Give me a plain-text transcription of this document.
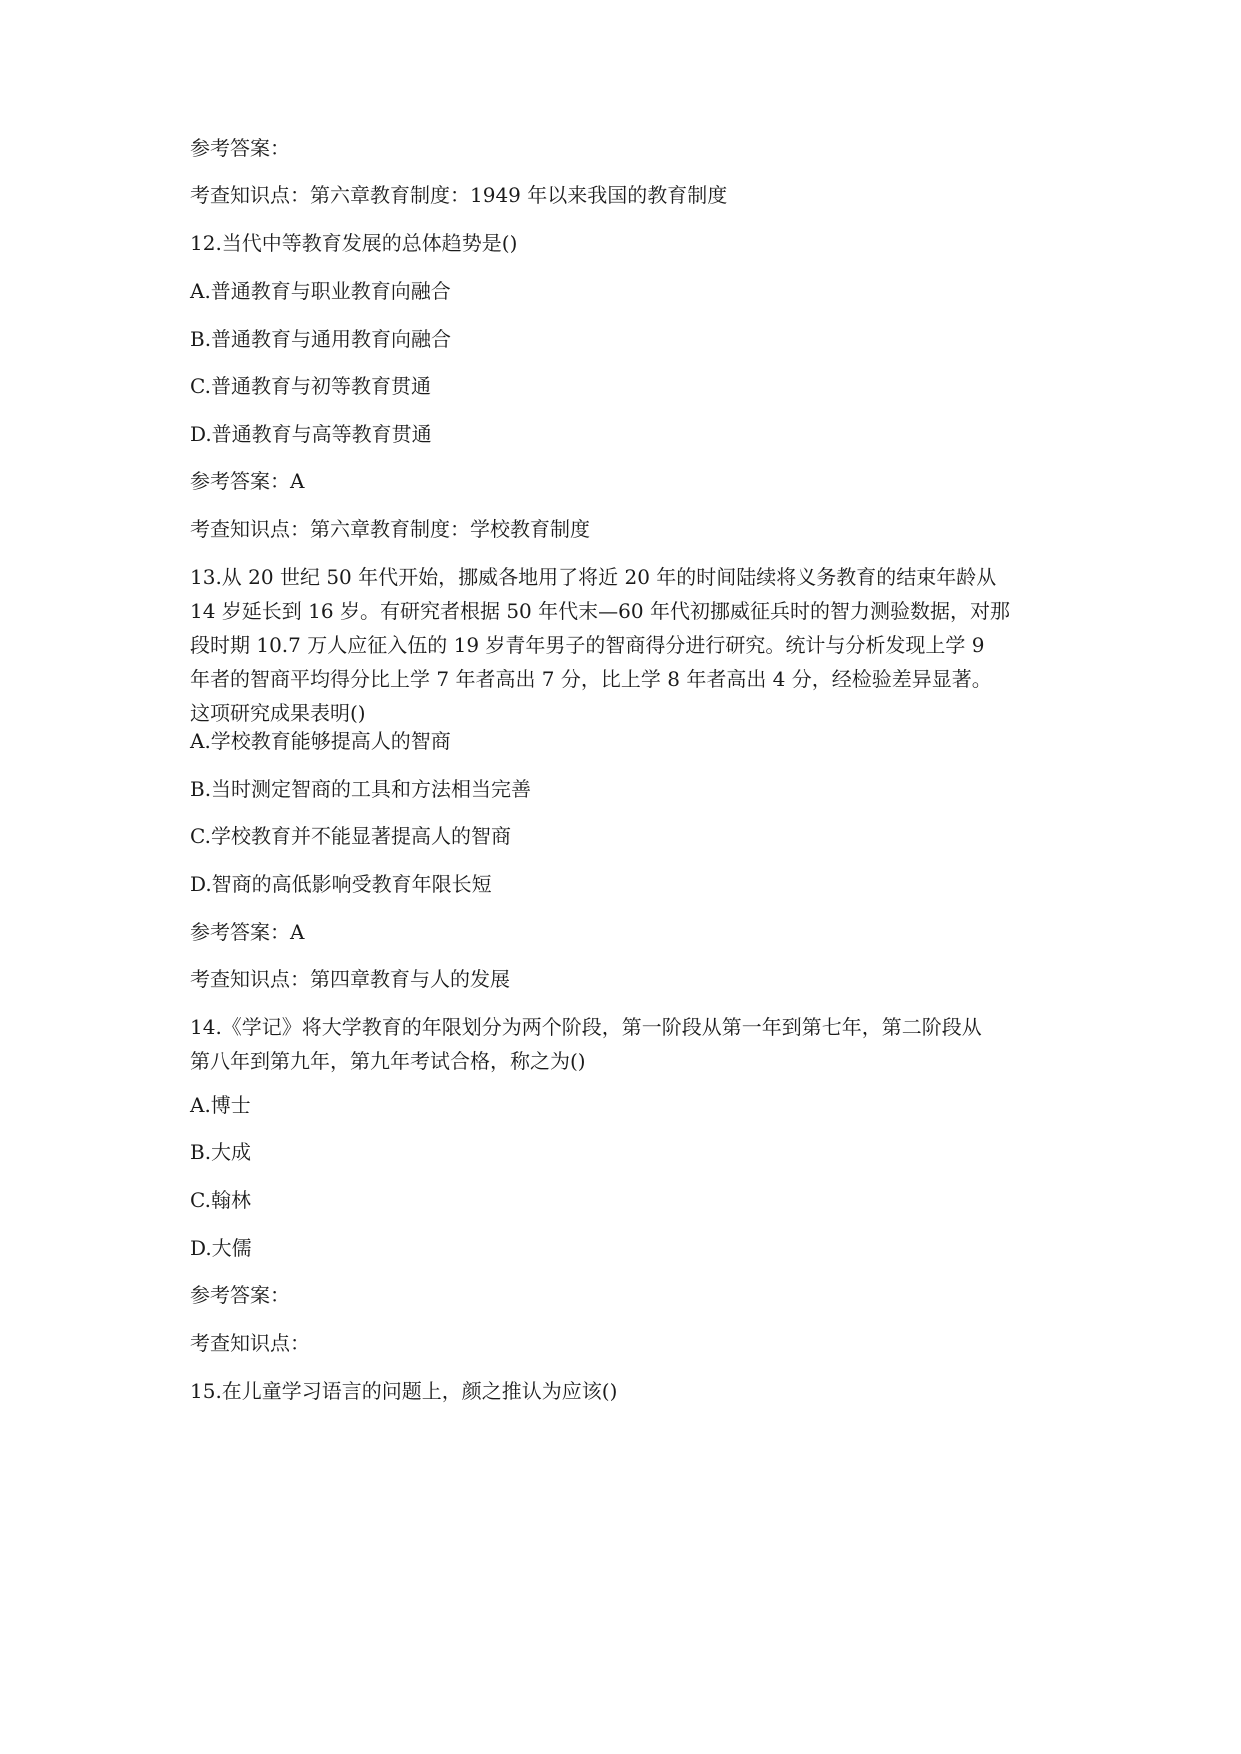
参考答案：
考查知识点：第六章教育制度：1949 年以来我国的教育制度
12.当代中等教育发展的总体趋势是()
A.普通教育与职业教育向融合
B.普通教育与通用教育向融合
C.普通教育与初等教育贯通
D.普通教育与高等教育贯通
参考答案：A
考查知识点：第六章教育制度：学校教育制度
13.从 20 世纪 50 年代开始，挪威各地用了将近 20 年的时间陆续将义务教育的结束年龄从
14 岁延长到 16 岁。有研究者根据 50 年代末—60 年代初挪威征兵时的智力测验数据，对那
段时期 10.7 万人应征入伍的 19 岁青年男子的智商得分进行研究。统计与分析发现上学 9
年者的智商平均得分比上学 7 年者高出 7 分，比上学 8 年者高出 4 分，经检验差异显著。
这项研究成果表明()
A.学校教育能够提高人的智商
B.当时测定智商的工具和方法相当完善
C.学校教育并不能显著提高人的智商
D.智商的高低影响受教育年限长短
参考答案：A
考查知识点：第四章教育与人的发展
14.《学记》将大学教育的年限划分为两个阶段，第一阶段从第一年到第七年，第二阶段从
第八年到第九年，第九年考试合格，称之为()
A.博士
B.大成
C.翰林
D.大儒
参考答案：
考查知识点：
15.在儿童学习语言的问题上，颜之推认为应该()
